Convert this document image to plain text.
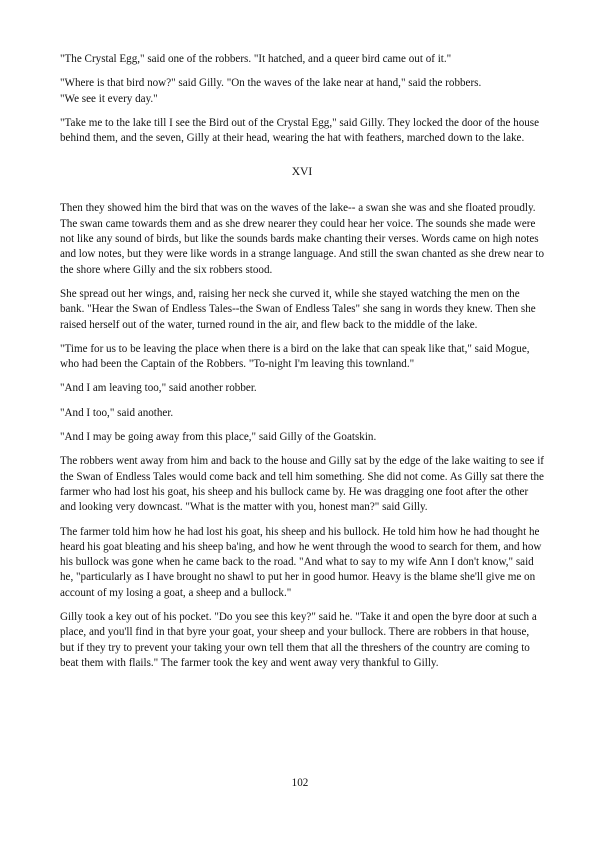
"The Crystal Egg," said one of the robbers. "It hatched, and a queer bird came out of it."

"Where is that bird now?" said Gilly. "On the waves of the lake near at hand," said the robbers.
"We see it every day."

"Take me to the lake till I see the Bird out of the Crystal Egg," said Gilly. They locked the door of the house behind them, and the seven, Gilly at their head, wearing the hat with feathers, marched down to the lake.

XVI

Then they showed him the bird that was on the waves of the lake-- a swan she was and she floated proudly. The swan came towards them and as she drew nearer they could hear her voice. The sounds she made were not like any sound of birds, but like the sounds bards make chanting their verses. Words came on high notes and low notes, but they were like words in a strange language. And still the swan chanted as she drew near to the shore where Gilly and the six robbers stood.

She spread out her wings, and, raising her neck she curved it, while she stayed watching the men on the bank. "Hear the Swan of Endless Tales--the Swan of Endless Tales" she sang in words they knew. Then she raised herself out of the water, turned round in the air, and flew back to the middle of the lake.

"Time for us to be leaving the place when there is a bird on the lake that can speak like that," said Mogue, who had been the Captain of the Robbers. "To-night I'm leaving this townland."

"And I am leaving too," said another robber.

"And I too," said another.

"And I may be going away from this place," said Gilly of the Goatskin.

The robbers went away from him and back to the house and Gilly sat by the edge of the lake waiting to see if the Swan of Endless Tales would come back and tell him something. She did not come. As Gilly sat there the farmer who had lost his goat, his sheep and his bullock came by. He was dragging one foot after the other and looking very downcast. "What is the matter with you, honest man?" said Gilly.

The farmer told him how he had lost his goat, his sheep and his bullock. He told him how he had thought he heard his goat bleating and his sheep ba'ing, and how he went through the wood to search for them, and how his bullock was gone when he came back to the road. "And what to say to my wife Ann I don't know," said he, "particularly as I have brought no shawl to put her in good humor. Heavy is the blame she'll give me on account of my losing a goat, a sheep and a bullock."

Gilly took a key out of his pocket. "Do you see this key?" said he. "Take it and open the byre door at such a place, and you'll find in that byre your goat, your sheep and your bullock. There are robbers in that house, but if they try to prevent your taking your own tell them that all the threshers of the country are coming to beat them with flails." The farmer took the key and went away very thankful to Gilly.

102
